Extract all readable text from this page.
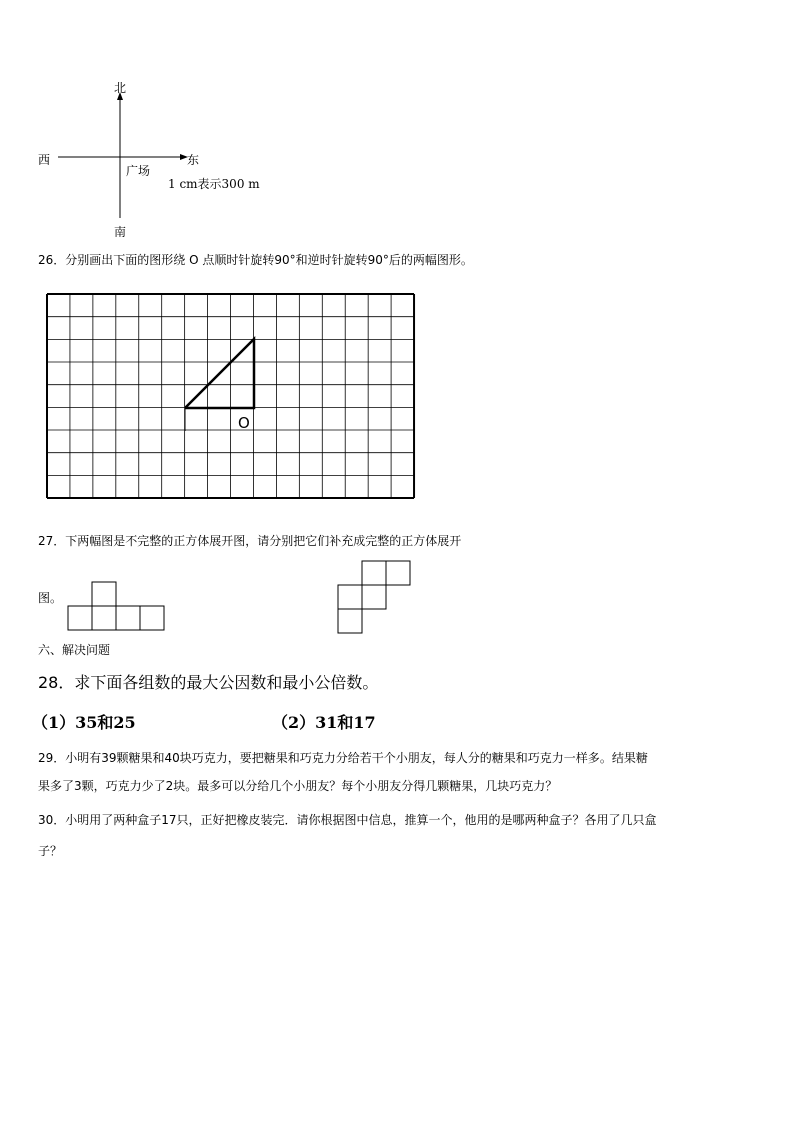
北
南
西	东
广场
1 cm表示300 m
26．分别画出下面的图形绕 O 点顺时针旋转90°和逆时针旋转90°后的两幅图形。
O
27．下两幅图是不完整的正方体展开图，请分别把它们补充成完整的正方体展开
图。
六、解决问题
28．求下面各组数的最大公因数和最小公倍数。
（1）35和25	（2）31和17
29．小明有39颗糖果和40块巧克力，要把糖果和巧克力分给若干个小朋友，每人分的糖果和巧克力一样多。结果糖
果多了3颗，巧克力少了2块。最多可以分给几个小朋友？每个小朋友分得几颗糖果，几块巧克力？
30．小明用了两种盒子17只，正好把橡皮装完．请你根据图中信息，推算一个，他用的是哪两种盒子？各用了几只盒
子？
